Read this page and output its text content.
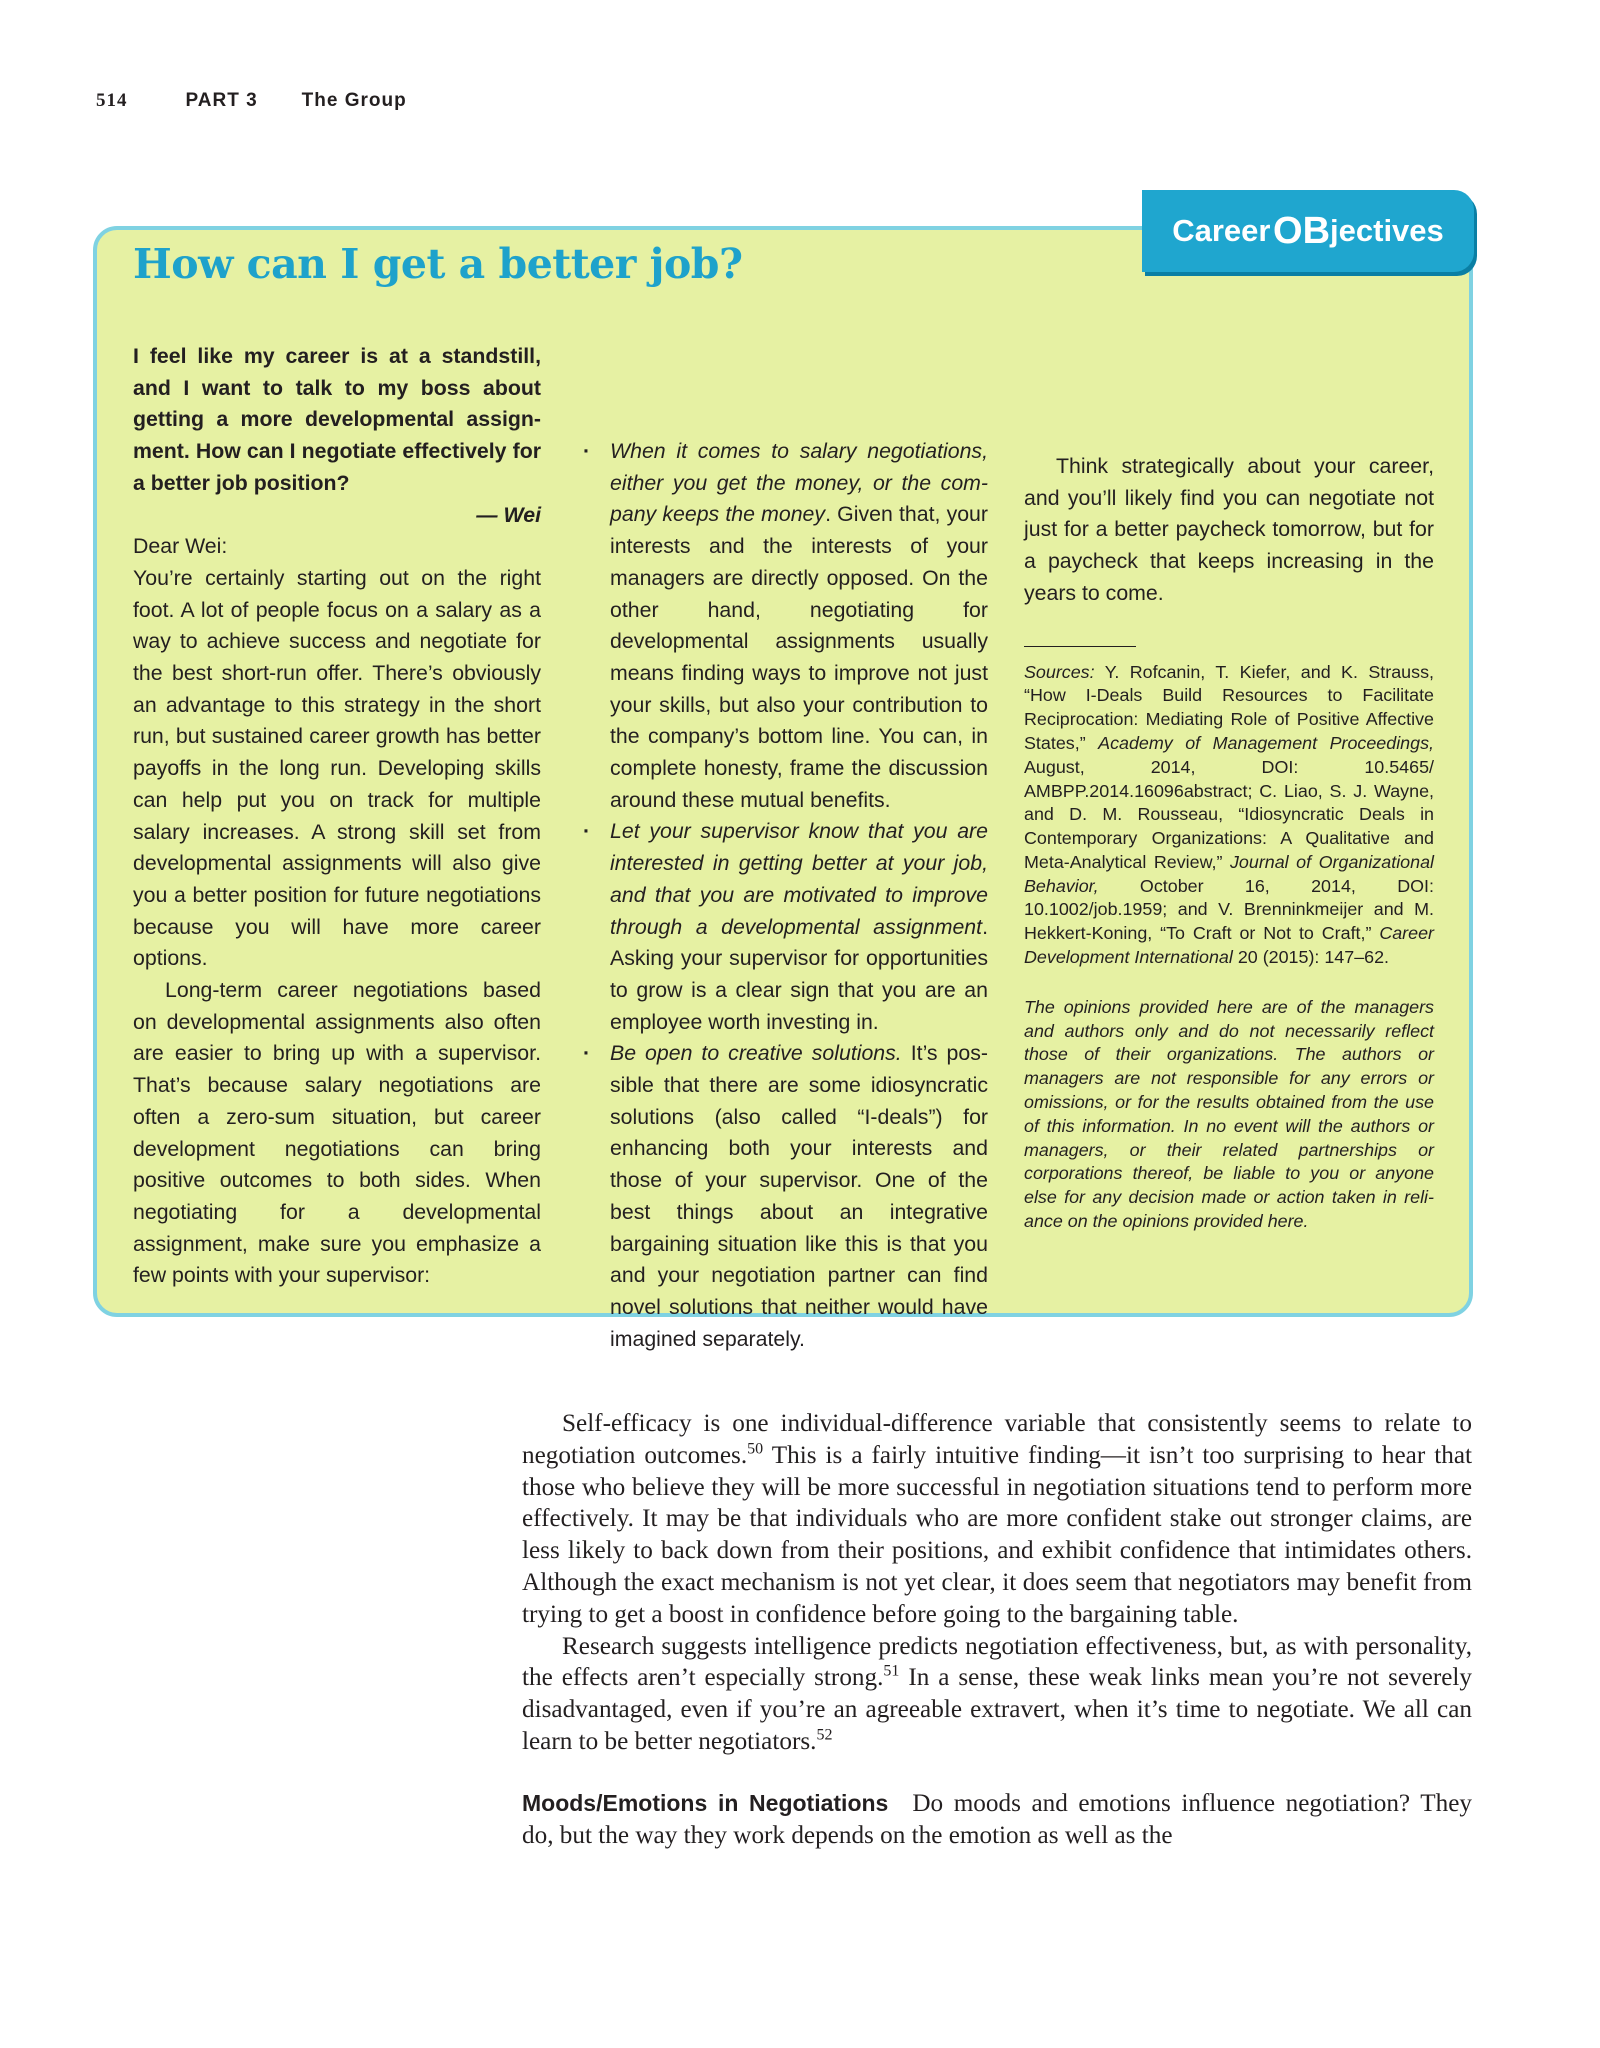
514	PART 3 The Group
Career
  OB jectives
How can I get a better job?

I feel like my career is at a standstill, and I want to talk to my boss about getting a more developmental assignment. How can I negotiate effectively for a better job position?

— Wei

Dear Wei:

You’re certainly starting out on the right foot. A lot of people focus on a salary as a way to achieve success and negotiate for the best short-run offer. There’s obviously an advantage to this strategy in the short run, but sustained career growth has better payoffs in the long run. Developing skills can help put you on track for multiple salary increases. A strong skill set from developmental assignments will also give you a better position for future negotiations because you will have more career options.

Long-term career negotiations based on developmental assignments also often are easier to bring up with a supervisor. That’s because salary negotiations are often a zero-sum situation, but career development negotiations can bring positive outcomes to both sides. When negotiating for a developmental assignment, make sure you emphasize a few points with your supervisor:

· When it comes to salary negotiations, either you get the money, or the company keeps the money. Given that, your interests and the interests of your managers are directly opposed. On the other hand, negotiating for developmental assignments usually means finding ways to improve not just your skills, but also your contribution to the company’s bottom line. You can, in complete honesty, frame the discussion around these mutual benefits.
· Let your supervisor know that you are interested in getting better at your job, and that you are motivated to improve through a developmental assignment. Asking your supervisor for opportunities to grow is a clear sign that you are an employee worth investing in.
· Be open to creative solutions. It’s possible that there are some idiosyncratic solutions (also called “I-deals”) for enhancing both your interests and those of your supervisor. One of the best things about an integrative bargaining situation like this is that you and your negotiation partner can find novel solutions that neither would have imagined separately.

Think strategically about your career, and you’ll likely find you can negotiate not just for a better paycheck tomorrow, but for a paycheck that keeps increasing in the years to come.

Sources: Y. Rofcanin, T. Kiefer, and K. Strauss, “How I-Deals Build Resources to Facilitate Reciprocation: Mediating Role of Positive Affective States,” Academy of Management Proceedings, August, 2014, DOI: 10.5465/ AMBPP.2014.16096abstract; C. Liao, S. J. Wayne, and D. M. Rousseau, “Idiosyncratic Deals in Contemporary Organizations: A Qualitative and Meta-Analytical Review,” Journal of Organizational Behavior, October 16, 2014, DOI: 10.1002/job.1959; and V. Brenninkmeijer and M. Hekkert-Koning, “To Craft or Not to Craft,” Career Development International 20 (2015): 147–62.

The opinions provided here are of the managers and authors only and do not necessarily reflect those of their organizations. The authors or managers are not responsible for any errors or omissions, or for the results obtained from the use of this information. In no event will the authors or managers, or their related partnerships or corporations thereof, be liable to you or anyone else for any decision made or action taken in reliance on the opinions provided here.

Self-efficacy is one individual-difference variable that consistently seems to relate to negotiation outcomes.$^{50}$ This is a fairly intuitive finding—it isn’t too surprising to hear that those who believe they will be more successful in negotiation situations tend to perform more effectively. It may be that individuals who are more confident stake out stronger claims, are less likely to back down from their positions, and exhibit confidence that intimidates others. Although the exact mechanism is not yet clear, it does seem that negotiators may benefit from trying to get a boost in confidence before going to the bargaining table.

Research suggests intelligence predicts negotiation effectiveness, but, as with personality, the effects aren’t especially strong.$^{51}$ In a sense, these weak links mean you’re not severely disadvantaged, even if you’re an agreeable extravert, when it’s time to negotiate. We all can learn to be better negotiators.$^{52}$

Moods/Emotions in Negotiations Do moods and emotions influence negotiation? They do, but the way they work depends on the emotion as well as the
